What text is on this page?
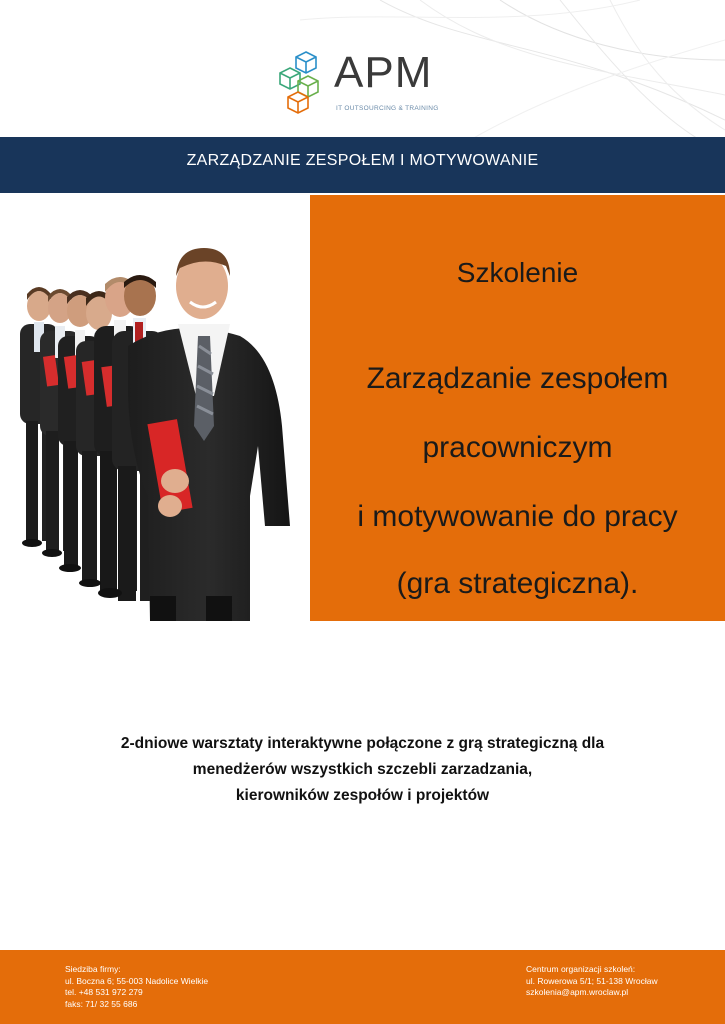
APM
IT OUTSOURCING & TRAINING
ZARZĄDZANIE ZESPOŁEM I MOTYWOWANIE
Szkolenie
Zarządzanie zespołem
pracowniczym
i motywowanie do pracy
(gra strategiczna).
2-dniowe warsztaty interaktywne połączone z grą strategiczną dla
menedżerów wszystkich szczebli zarzadzania,
kierowników zespołów i projektów
Siedziba firmy:
ul. Boczna 6; 55-003 Nadolice Wielkie
tel. +48 531 972 279
faks: 71/ 32 55 686
Centrum organizacji szkoleń:
ul. Rowerowa 5/1; 51-138 Wrocław
szkolenia@apm.wroclaw.pl
